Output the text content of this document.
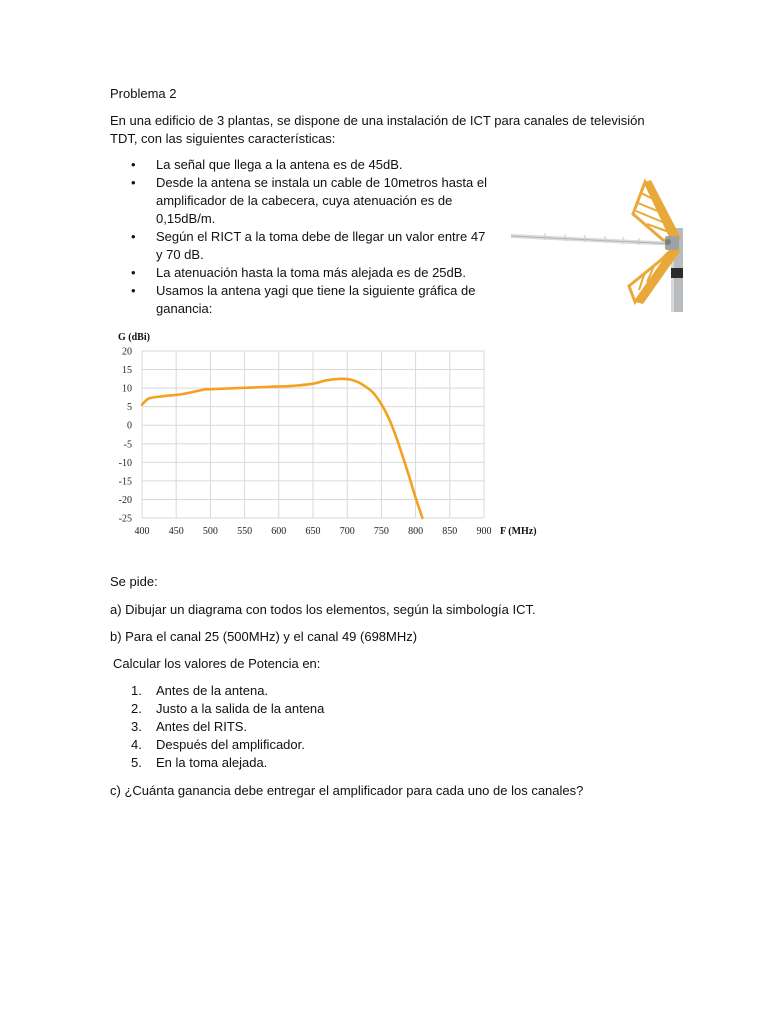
Problema 2
En una edificio de 3 plantas, se dispone de una instalación de ICT para canales de televisión
TDT, con las siguientes características:
• La señal que llega a la antena es de 45dB.
• Desde la antena se instala un cable de 10metros hasta el
amplificador de la cabecera, cuya atenuación es de
0,15dB/m.
• Según el RICT a la toma debe de llegar un valor entre 47
y 70 dB.
• La atenuación hasta la toma más alejada es de 25dB.
• Usamos la antena yagi que tiene la siguiente gráfica de
ganancia:
G (dBi)
F (MHz)
20
15
10
5
0
-5
-10
-15
-20
-25
400 450 500 550 600 650 700 750 800 850 900
Se pide:
a) Dibujar un diagrama con todos los elementos, según la simbología ICT.
b) Para el canal 25 (500MHz) y el canal 49 (698MHz)
Calcular los valores de Potencia en:
1. Antes de la antena.
2. Justo a la salida de la antena
3. Antes del RITS.
4. Después del amplificador.
5. En la toma alejada.
c) ¿Cuánta ganancia debe entregar el amplificador para cada uno de los canales?
